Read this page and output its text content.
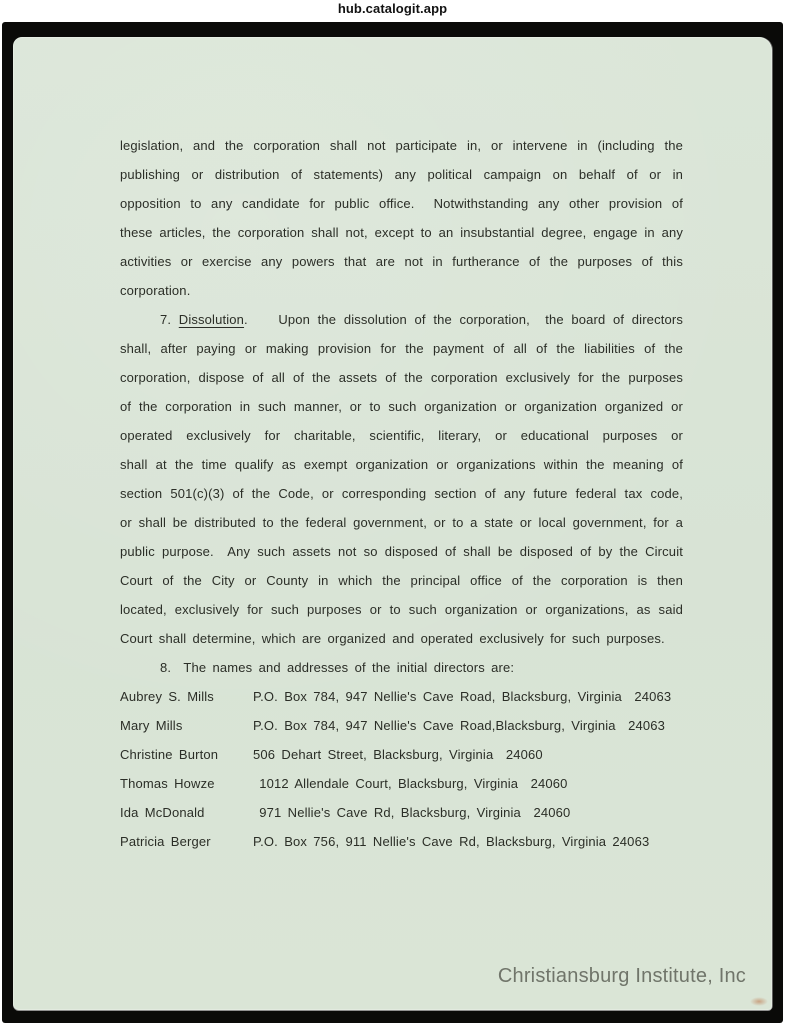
hub.catalogit.app
legislation, and the corporation shall not participate in, or intervene in (including the
publishing or distribution of statements) any political campaign on behalf of or in
opposition to any candidate for public office.  Notwithstanding any other provision of
these articles, the corporation shall not, except to an insubstantial degree, engage in any
activities or exercise any powers that are not in furtherance of the purposes of this
corporation.
7. Dissolution.    Upon the dissolution of the corporation,  the board of directors
shall, after paying or making provision for the payment of all of the liabilities of the
corporation, dispose of all of the assets of the corporation exclusively for the purposes
of the corporation in such manner, or to such organization or organization organized or
operated exclusively for charitable, scientific, literary, or educational purposes or
shall at the time qualify as exempt organization or organizations within the meaning of
section 501(c)(3) of the Code, or corresponding section of any future federal tax code,
or shall be distributed to the federal government, or to a state or local government, for a
public purpose.  Any such assets not so disposed of shall be disposed of by the Circuit
Court of the City or County in which the principal office of the corporation is then
located, exclusively for such purposes or to such organization or organizations, as said
Court shall determine, which are organized and operated exclusively for such purposes.
8.  The names and addresses of the initial directors are:
Aubrey S. Mills	P.O. Box 784, 947 Nellie's Cave Road, Blacksburg, Virginia  24063
Mary Mills	P.O. Box 784, 947 Nellie's Cave Road,Blacksburg, Virginia  24063
Christine Burton	506 Dehart Street, Blacksburg, Virginia  24060
Thomas Howze	1012 Allendale Court, Blacksburg, Virginia  24060
Ida McDonald	971 Nellie's Cave Rd, Blacksburg, Virginia  24060
Patricia Berger	P.O. Box 756, 911 Nellie's Cave Rd, Blacksburg, Virginia 24063
Christiansburg Institute, Inc
